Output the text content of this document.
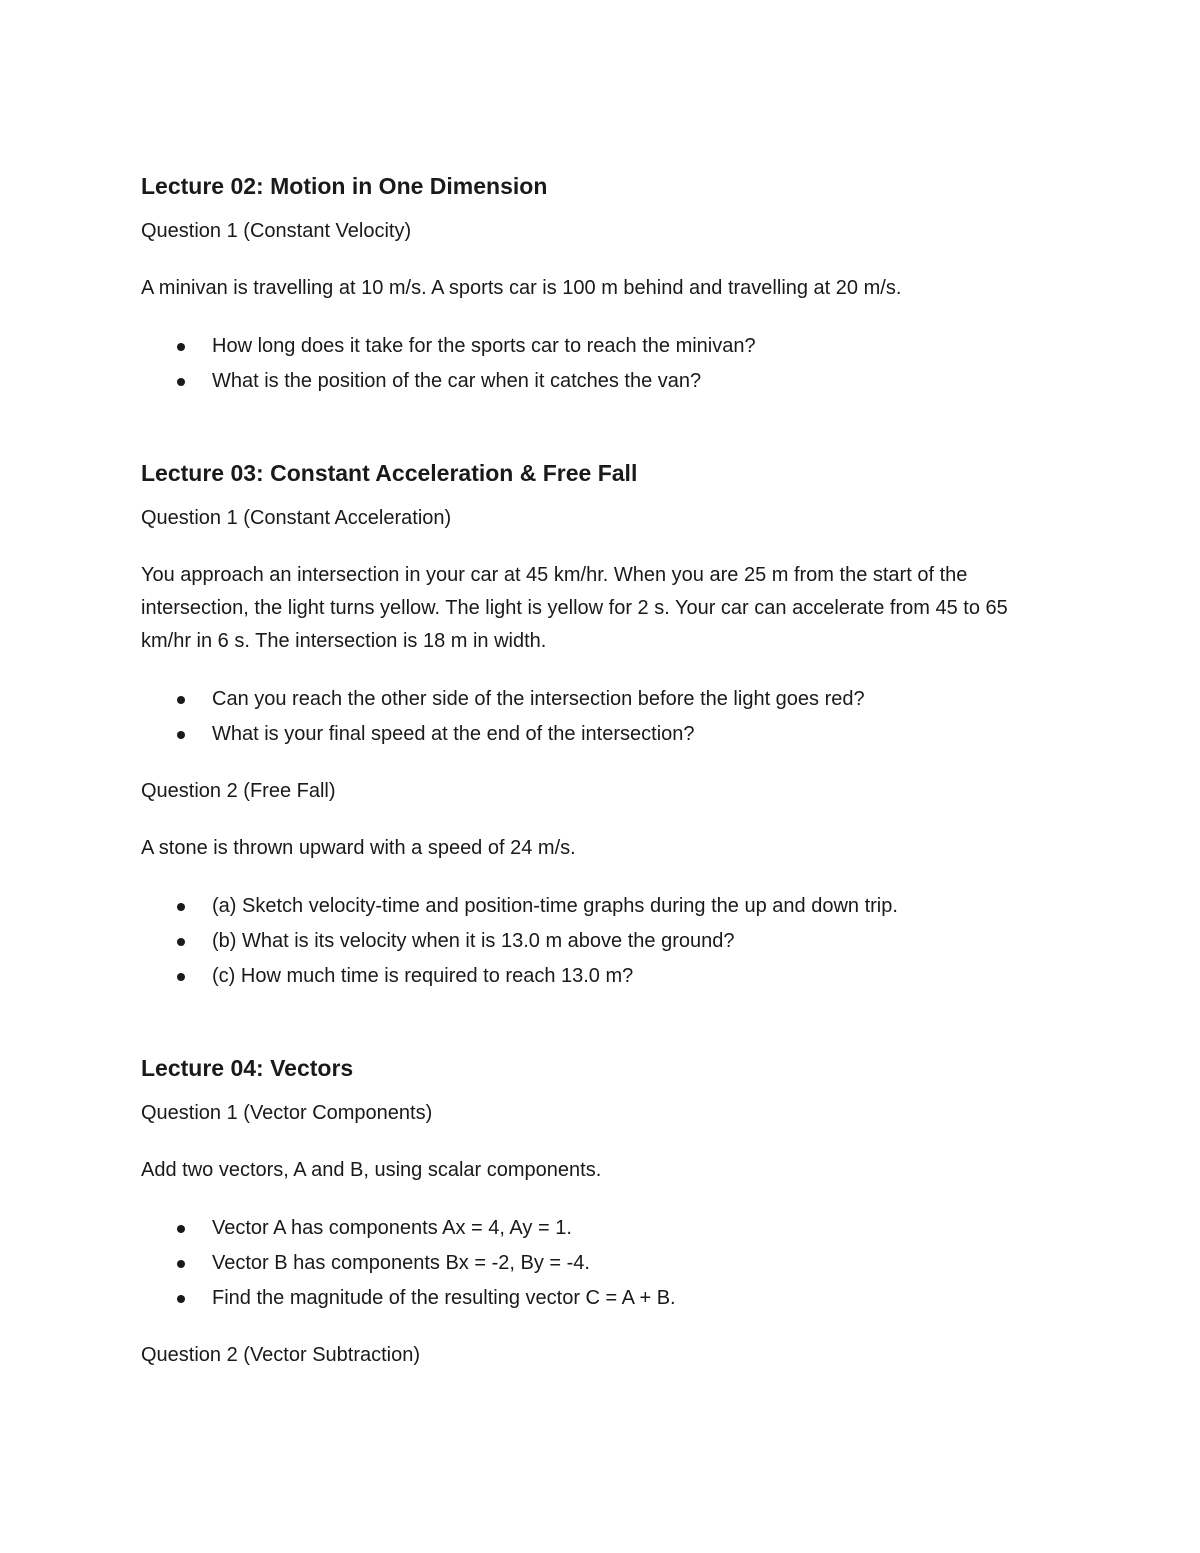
Lecture 02: Motion in One Dimension
Question 1 (Constant Velocity)
A minivan is travelling at 10 m/s. A sports car is 100 m behind and travelling at 20 m/s.
How long does it take for the sports car to reach the minivan?
What is the position of the car when it catches the van?
Lecture 03: Constant Acceleration & Free Fall
Question 1 (Constant Acceleration)
You approach an intersection in your car at 45 km/hr. When you are 25 m from the start of the intersection, the light turns yellow. The light is yellow for 2 s. Your car can accelerate from 45 to 65 km/hr in 6 s. The intersection is 18 m in width.
Can you reach the other side of the intersection before the light goes red?
What is your final speed at the end of the intersection?
Question 2 (Free Fall)
A stone is thrown upward with a speed of 24 m/s.
(a) Sketch velocity-time and position-time graphs during the up and down trip.
(b) What is its velocity when it is 13.0 m above the ground?
(c) How much time is required to reach 13.0 m?
Lecture 04: Vectors
Question 1 (Vector Components)
Add two vectors, A and B, using scalar components.
Vector A has components Ax = 4, Ay = 1.
Vector B has components Bx = -2, By = -4.
Find the magnitude of the resulting vector C = A + B.
Question 2 (Vector Subtraction)
